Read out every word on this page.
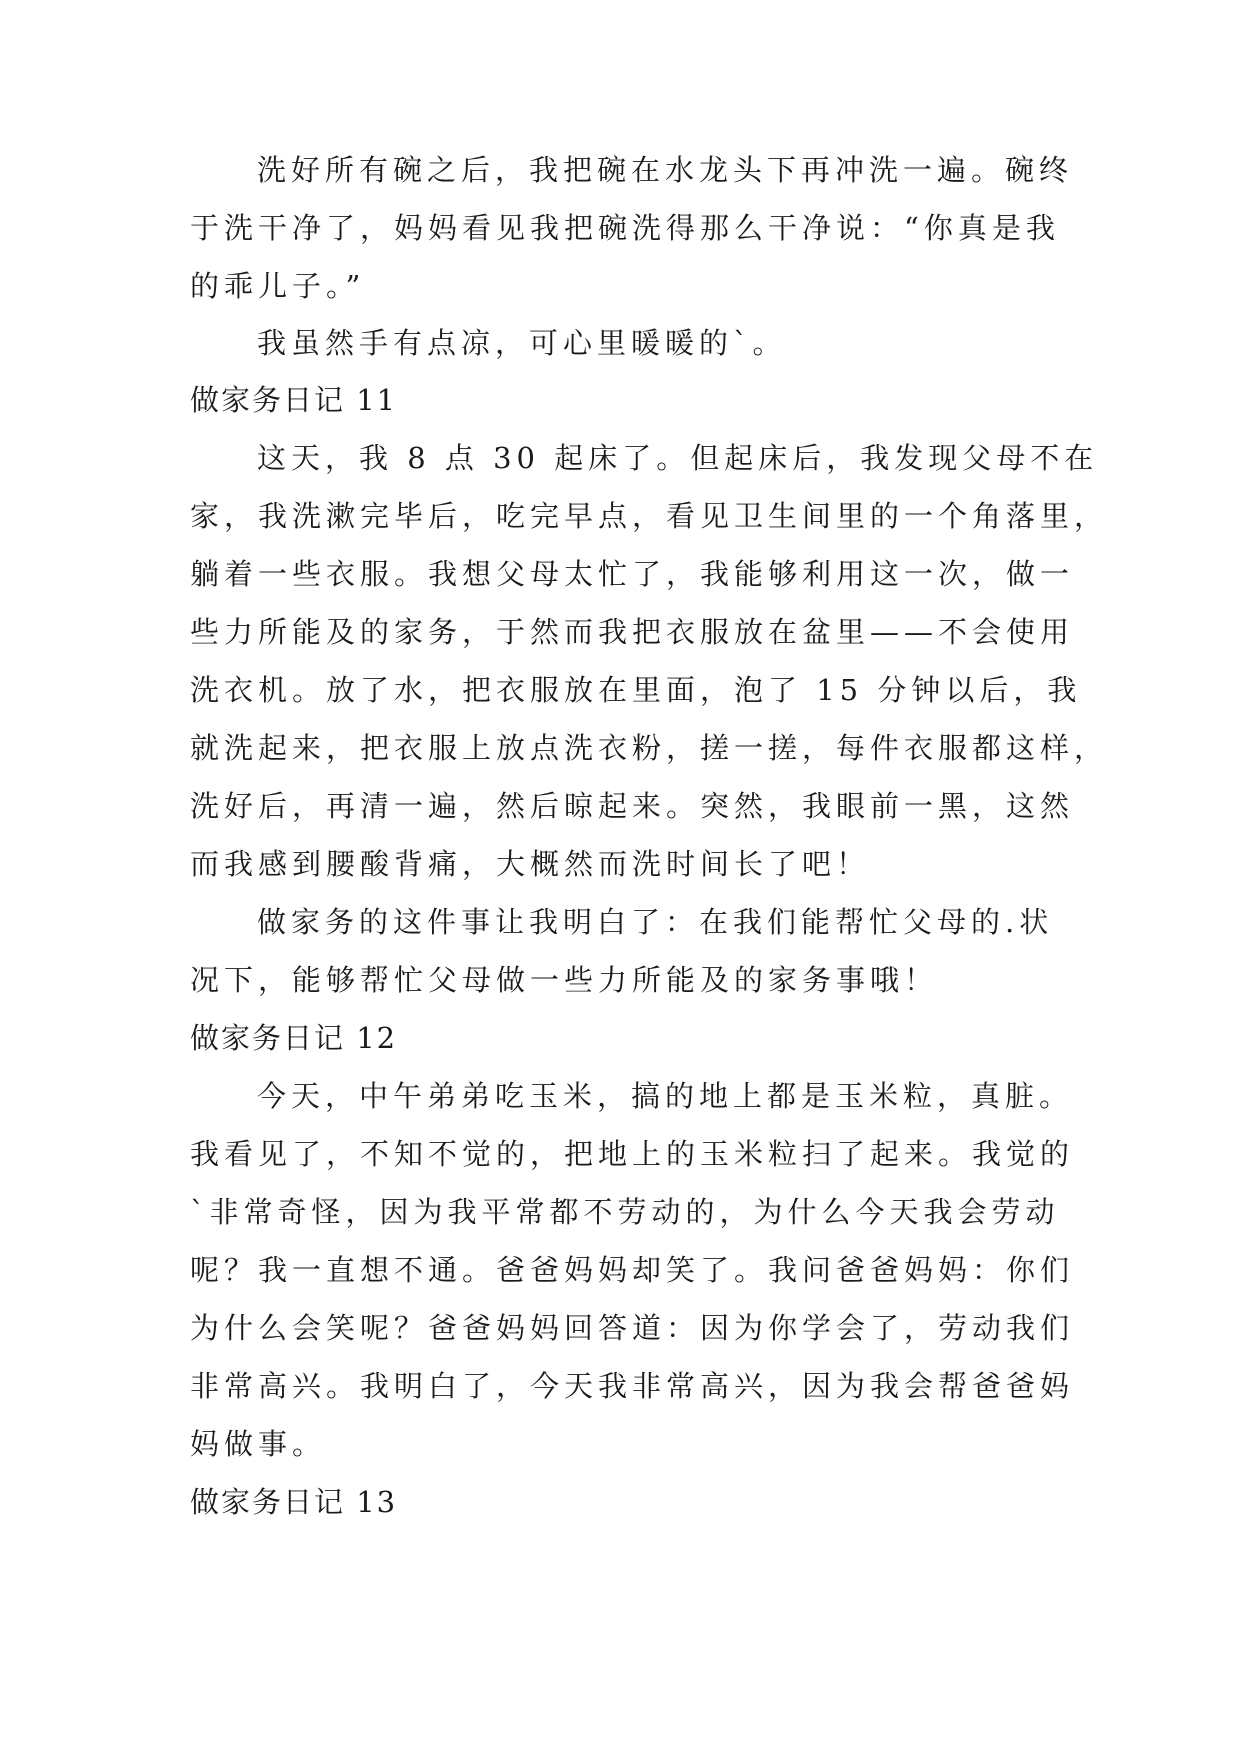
洗好所有碗之后，我把碗在水龙头下再冲洗一遍。碗终
于洗干净了，妈妈看见我把碗洗得那么干净说：“你真是我
的乖儿子。”
我虽然手有点凉，可心里暖暖的`。
做家务日记 11
这天，我 8 点 30 起床了。但起床后，我发现父母不在
家，我洗漱完毕后，吃完早点，看见卫生间里的一个角落里，
躺着一些衣服。我想父母太忙了，我能够利用这一次，做一
些力所能及的家务，于然而我把衣服放在盆里——不会使用
洗衣机。放了水，把衣服放在里面，泡了 15 分钟以后，我
就洗起来，把衣服上放点洗衣粉，搓一搓，每件衣服都这样，
洗好后，再清一遍，然后晾起来。突然，我眼前一黑，这然
而我感到腰酸背痛，大概然而洗时间长了吧！
做家务的这件事让我明白了：在我们能帮忙父母的.状
况下，能够帮忙父母做一些力所能及的家务事哦！
做家务日记 12
今天，中午弟弟吃玉米，搞的地上都是玉米粒，真脏。
我看见了，不知不觉的，把地上的玉米粒扫了起来。我觉的
`非常奇怪，因为我平常都不劳动的，为什么今天我会劳动
呢？我一直想不通。爸爸妈妈却笑了。我问爸爸妈妈：你们
为什么会笑呢？爸爸妈妈回答道：因为你学会了，劳动我们
非常高兴。我明白了，今天我非常高兴，因为我会帮爸爸妈
妈做事。
做家务日记 13
